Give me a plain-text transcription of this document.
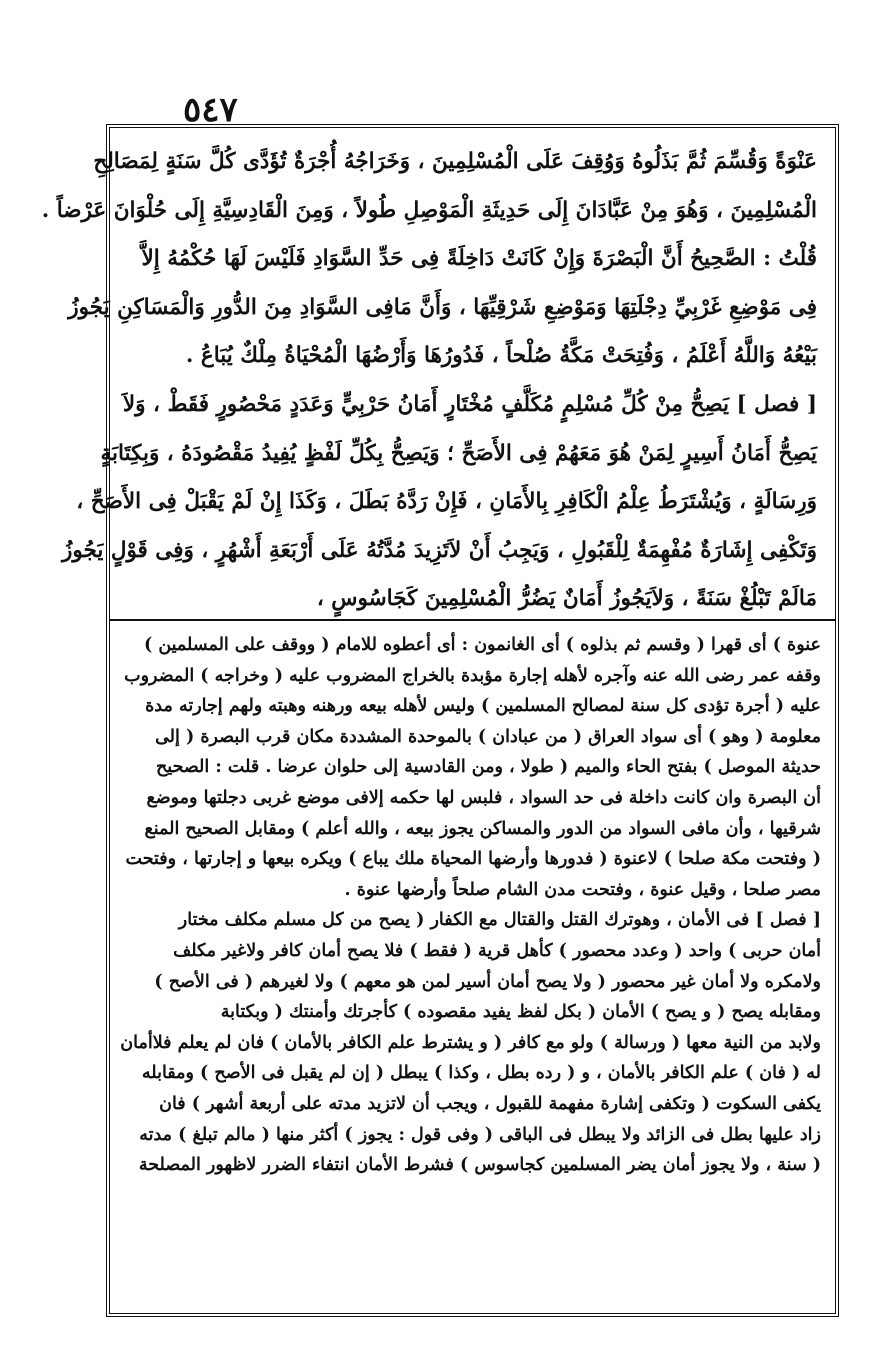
٥٤٧

عَنْوَةً وَقُسِّمَ ثُمَّ بَذَلُوهُ وَوُقِفَ عَلَى الْمُسْلِمِينَ ، وَخَرَاجُهُ أُجْرَةٌ تُؤَدَّى كُلَّ سَنَةٍ لِمَصَالِحِ

الْمُسْلِمِينَ ، وَهُوَ مِنْ عَبَّادَانَ إِلَى حَدِيثَةِ الْمَوْصِلِ طُولاً ، وَمِنَ الْقَادِسِيَّةِ إِلَى حُلْوَانَ عَرْضاً .

قُلْتُ : الصَّحِيحُ أَنَّ الْبَصْرَةَ وَإِنْ كَانَتْ دَاخِلَةً فِى حَدِّ السَّوَادِ فَلَيْسَ لَهَا حُكْمُهُ إِلاَّ

فِى مَوْضِعِ غَرْبِيِّ دِجْلَتِهَا وَمَوْضِعِ شَرْقِيِّهَا ، وَأَنَّ مَافِى السَّوَادِ مِنَ الدُّورِ وَالْمَسَاكِنِ يَجُوزُ

بَيْعُهُ وَاللَّهُ أَعْلَمُ ، وَفُتِحَتْ مَكَّةُ صُلْحاً ، فَدُورُهَا وَأَرْضُهَا الْمُحْيَاةُ مِلْكٌ يُبَاعُ .

[ فصل ] يَصِحُّ مِنْ كُلِّ مُسْلِمٍ مُكَلَّفٍ مُخْتَارٍ أَمَانُ حَرْبِيٍّ وَعَدَدٍ مَحْصُورٍ فَقَطْ ، وَلاَ

يَصِحُّ أَمَانُ أَسِيرٍ لِمَنْ هُوَ مَعَهُمْ فِى الأَصَحِّ ؛ وَيَصِحُّ بِكُلِّ لَفْظٍ يُفِيدُ مَقْصُودَهُ ، وَبِكِتَابَةٍ

وَرِسَالَةٍ ، وَيُشْتَرَطُ عِلْمُ الْكَافِرِ بِالأَمَانِ ، فَإِنْ رَدَّهُ بَطَلَ ، وَكَذَا إِنْ لَمْ يَقْبَلْ فِى الأَصَحِّ ،

وَتَكْفِى إِشَارَةٌ مُفْهِمَةٌ لِلْقَبُولِ ، وَيَجِبُ أَنْ لاَتَزِيدَ مُدَّتُهُ عَلَى أَرْبَعَةِ أَشْهُرٍ ، وَفِى قَوْلٍ يَجُوزُ

مَالَمْ تَبْلُغْ سَنَةً ، وَلاَيَجُوزُ أَمَانٌ يَضُرُّ الْمُسْلِمِينَ كَجَاسُوسٍ ،

عنوة ) أى قهرا ( وقسم ثم بذلوه ) أى الغانمون : أى أعطوه للامام ( ووقف على المسلمين )

وقفه عمر رضى الله عنه وآجره لأهله إجارة مؤبدة بالخراج المضروب عليه ( وخراجه ) المضروب

عليه ( أجرة تؤدى كل سنة لمصالح المسلمين ) وليس لأهله بيعه ورهنه وهبته ولهم إجارته مدة

معلومة ( وهو ) أى سواد العراق ( من عبادان ) بالموحدة المشددة مكان قرب البصرة ( إلى

حديثة الموصل ) بفتح الحاء والميم ( طولا ، ومن القادسية إلى حلوان عرضا . قلت : الصحيح

أن البصرة وان كانت داخلة فى حد السواد ، فلبس لها حكمه إلافى موضع غربى دجلتها وموضع

شرقيها ، وأن مافى السواد من الدور والمساكن يجوز بيعه ، والله أعلم ) ومقابل الصحيح المنع

( وفتحت مكة صلحا ) لاعنوة ( فدورها وأرضها المحياة ملك يباع ) ويكره بيعها و إجارتها ، وفتحت

مصر صلحا ، وقيل عنوة ، وفتحت مدن الشام صلحاً وأرضها عنوة .

[ فصل ] فى الأمان ، وهوترك القتل والقتال مع الكفار ( يصح من كل مسلم مكلف مختار

أمان حربى ) واحد ( وعدد محصور ) كأهل قرية ( فقط ) فلا يصح أمان كافر ولاغير مكلف

ولامكره ولا أمان غير محصور ( ولا يصح أمان أسير لمن هو معهم ) ولا لغيرهم ( فى الأصح )

ومقابله يصح ( و يصح ) الأمان ( بكل لفظ يفيد مقصوده ) كأجرتك وأمنتك ( وبكتابة

ولابد من النية معها ( ورسالة ) ولو مع كافر ( و يشترط علم الكافر بالأمان ) فان لم يعلم فلاأمان

له ( فان ) علم الكافر بالأمان ، و ( رده بطل ، وكذا ) يبطل ( إن لم يقبل فى الأصح ) ومقابله

يكفى السكوت ( وتكفى إشارة مفهمة للقبول ، ويجب أن لاتزيد مدته على أربعة أشهر ) فان

زاد عليها بطل فى الزائد ولا يبطل فى الباقى ( وفى قول : يجوز ) أكثر منها ( مالم تبلغ ) مدته

( سنة ، ولا يجوز أمان يضر المسلمين كجاسوس ) فشرط الأمان انتفاء الضرر لاظهور المصلحة
